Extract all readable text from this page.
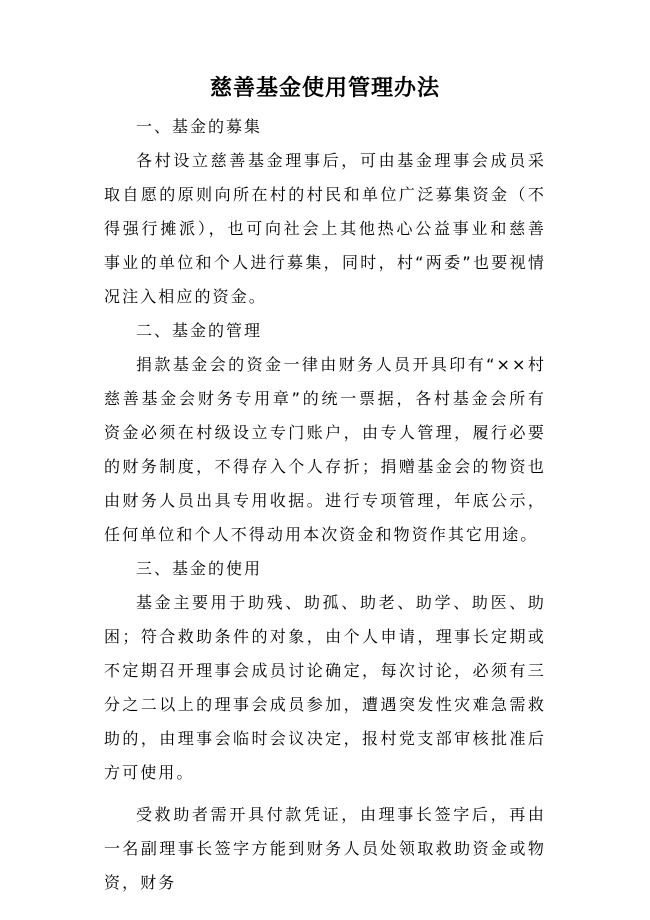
慈善基金使用管理办法
一、基金的募集

各村设立慈善基金理事后，可由基金理事会成员采取自愿的原则向所在村的村民和单位广泛募集资金（不得强行摊派），也可向社会上其他热心公益事业和慈善事业的单位和个人进行募集，同时，村“两委”也要视情况注入相应的资金。

二、基金的管理

捐款基金会的资金一律由财务人员开具印有“××村慈善基金会财务专用章”的统一票据，各村基金会所有资金必须在村级设立专门账户，由专人管理，履行必要的财务制度，不得存入个人存折；捐赠基金会的物资也由财务人员出具专用收据。进行专项管理，年底公示，任何单位和个人不得动用本次资金和物资作其它用途。

三、基金的使用

基金主要用于助残、助孤、助老、助学、助医、助困；符合救助条件的对象，由个人申请，理事长定期或不定期召开理事会成员讨论确定，每次讨论，必须有三分之二以上的理事会成员参加，遭遇突发性灾难急需救助的，由理事会临时会议决定，报村党支部审核批准后方可使用。

受救助者需开具付款凭证，由理事长签字后，再由一名副理事长签字方能到财务人员处领取救助资金或物资，财务
